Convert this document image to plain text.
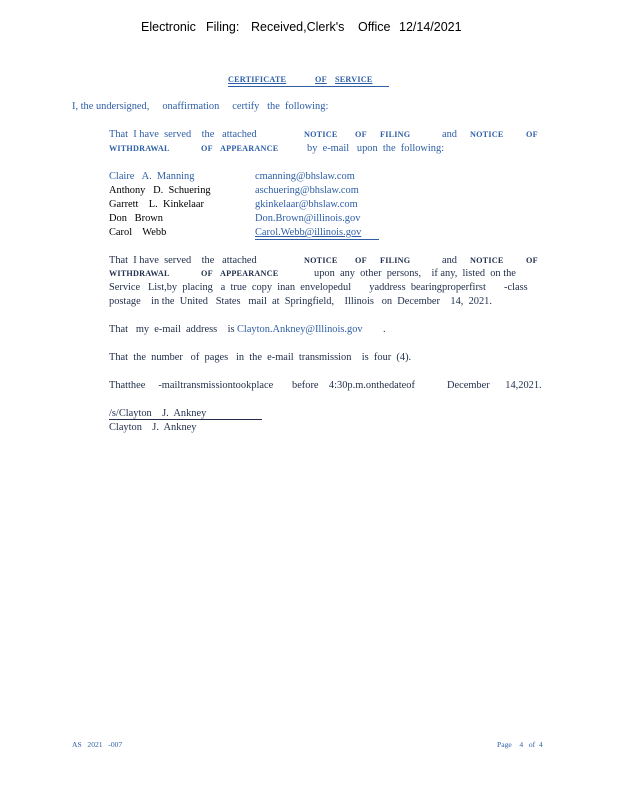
Electronic Filing: Received,Clerk's Office 12/14/2021
CERTIFICATE	OF SERVICE
I, the undersigned,     onaffirmation     certify   the  following:
That  I have  served    the   attached	NOTICE OF FILING	and NOTICE	OF
WITHDRAWAL	OF APPEARANCE	by  e-mail   upon  the  following:
Claire   A.  Manning	cmanning@bhslaw.com
Anthony   D.  Schuering	aschuering@bhslaw.com
Garrett    L.  Kinkelaar	gkinkelaar@bhslaw.com
Don   Brown	Don.Brown@illinois.gov
Carol    Webb	Carol.Webb@illinois.gov
That  I have  served    the   attached	NOTICE OF FILING	and NOTICE	OF
WITHDRAWAL	OF APPEARANCE	upon  any  other  persons,    if any,  listed  on the
Service   List,by  placing   a  true  copy  inan  envelopedul       yaddress  bearingproperfirst       -class
postage    in the  United   States   mail  at  Springfield,    Illinois   on  December    14,  2021.
That   my  e-mail  address    is Clayton.Ankney@Illinois.gov .
That  the  number   of  pages   in  the  e-mail  transmission    is  four  (4).
Thatthee     -mailtransmissiontookplace before    4:30p.m.onthedateof	December      14,2021.
/s/Clayton    J.  Ankney
Clayton    J.  Ankney
AS   2021   -007	Page    4   of  4
